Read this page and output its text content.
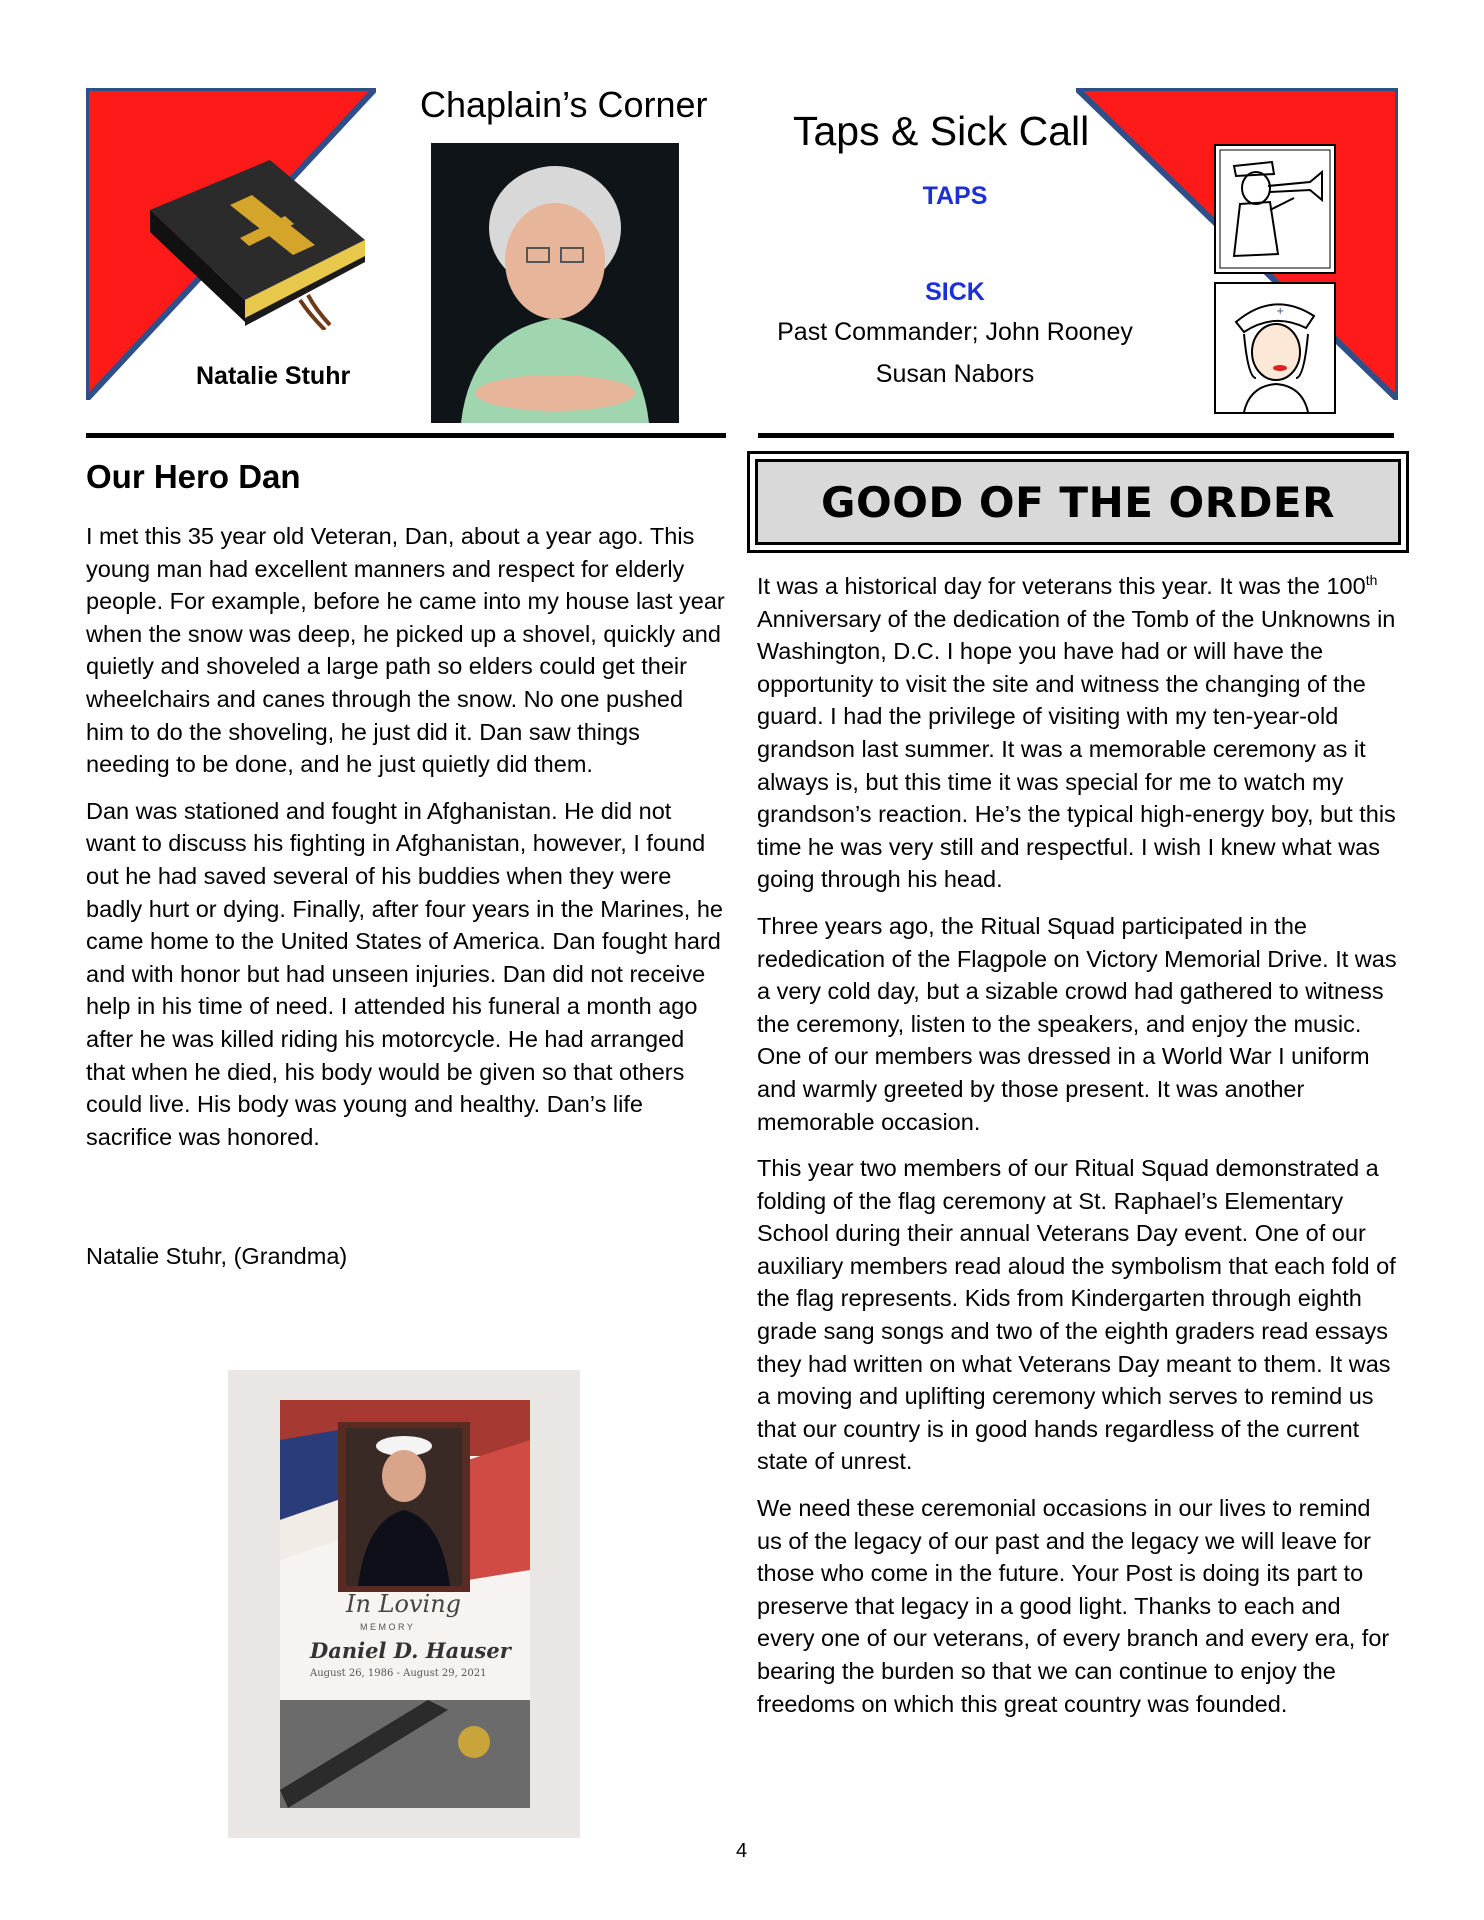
Chaplain’s Corner
Natalie Stuhr
Taps & Sick Call
TAPS
SICK
Past Commander; John Rooney
Susan Nabors
+
Our Hero Dan

I met this 35 year old Veteran, Dan, about a year ago. This young man had excellent manners and respect for elderly people. For example, before he came into my house last year when the snow was deep, he picked up a shovel, quickly and quietly and shoveled a large path so elders could get their wheelchairs and canes through the snow. No one pushed him to do the shoveling, he just did it. Dan saw things needing to be done, and he just quietly did them.

Dan was stationed and fought in Afghanistan. He did not want to discuss his fighting in Afghanistan, however, I found out he had saved several of his buddies when they were badly hurt or dying. Finally, after four years in the Marines, he came home to the United States of America. Dan fought hard and with honor but had unseen injuries. Dan did not receive help in his time of need. I attended his funeral a month ago after he was killed riding his motorcycle. He had arranged that when he died, his body would be given so that others could live. His body was young and healthy. Dan’s life sacrifice was honored.

Natalie Stuhr, (Grandma)
In Loving
M E M O R Y
Daniel D. Hauser
August 26, 1986 - August 29, 2021
GOOD OF THE ORDER

It was a historical day for veterans this year. It was the 100th Anniversary of the dedication of the Tomb of the Unknowns in Washington, D.C. I hope you have had or will have the opportunity to visit the site and witness the changing of the guard. I had the privilege of visiting with my ten-year-old grandson last summer. It was a memorable ceremony as it always is, but this time it was special for me to watch my grandson’s reaction. He’s the typical high-energy boy, but this time he was very still and respectful. I wish I knew what was going through his head.

Three years ago, the Ritual Squad participated in the rededication of the Flagpole on Victory Memorial Drive. It was a very cold day, but a sizable crowd had gathered to witness the ceremony, listen to the speakers, and enjoy the music. One of our members was dressed in a World War I uniform and warmly greeted by those present. It was another memorable occasion.

This year two members of our Ritual Squad demonstrated a folding of the flag ceremony at St. Raphael’s Elementary School during their annual Veterans Day event. One of our auxiliary members read aloud the symbolism that each fold of the flag represents. Kids from Kindergarten through eighth grade sang songs and two of the eighth graders read essays they had written on what Veterans Day meant to them. It was a moving and uplifting ceremony which serves to remind us that our country is in good hands regardless of the current state of unrest.

We need these ceremonial occasions in our lives to remind us of the legacy of our past and the legacy we will leave for those who come in the future. Your Post is doing its part to preserve that legacy in a good light. Thanks to each and every one of our veterans, of every branch and every era, for bearing the burden so that we can continue to enjoy the freedoms on which this great country was founded.

4
